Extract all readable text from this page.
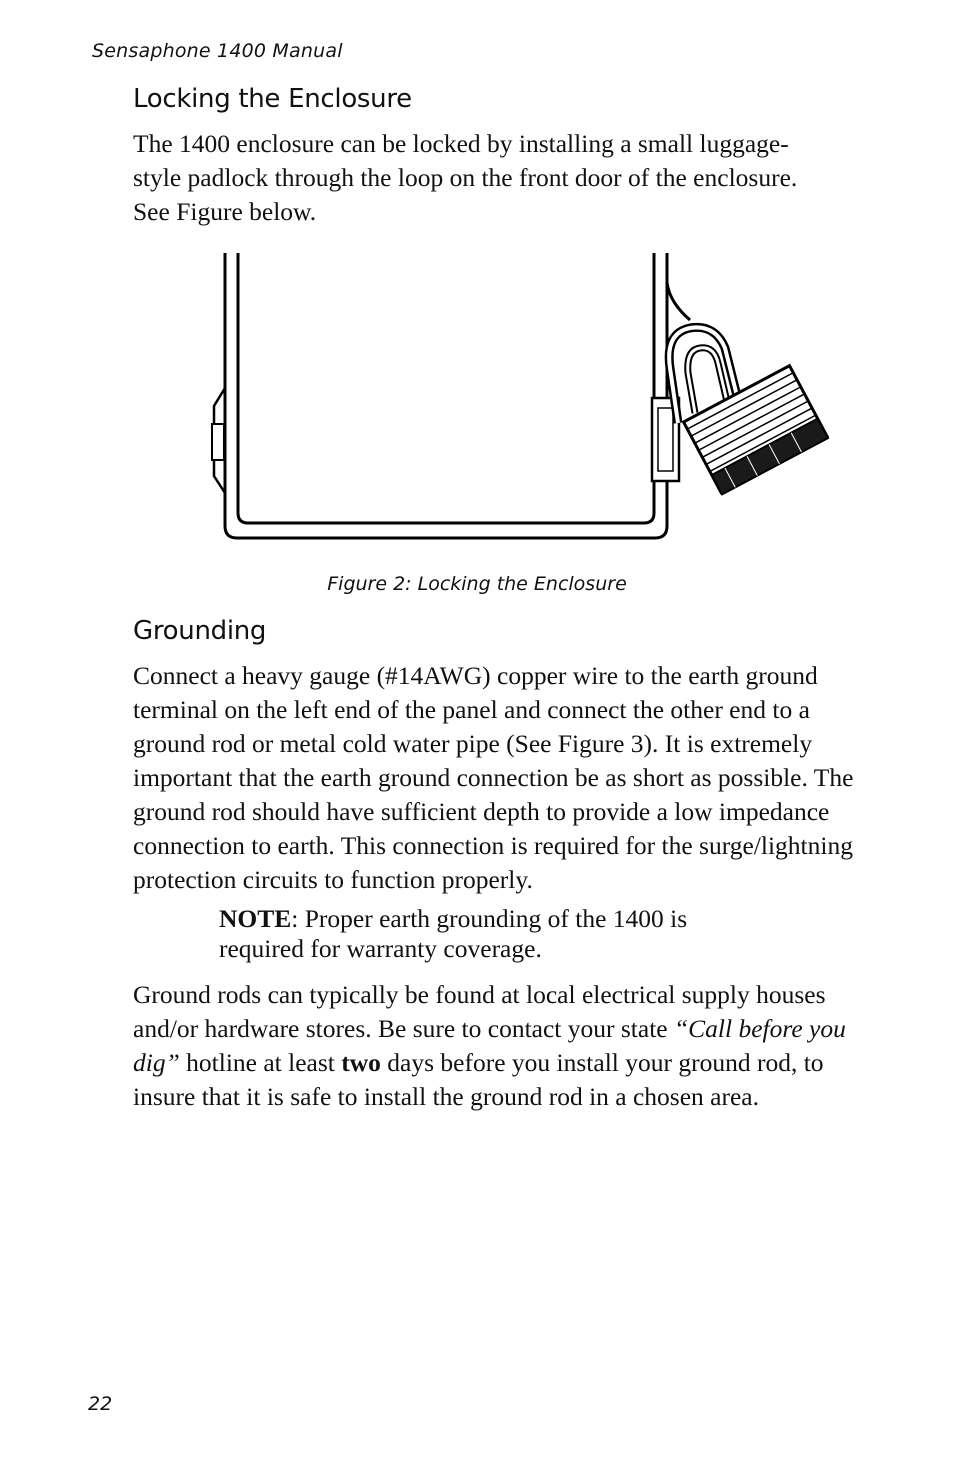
Sensaphone 1400 Manual
Locking the Enclosure

The 1400 enclosure can be locked by installing a small luggage-style padlock through the loop on the front door of the enclosure. See Figure below.

Figure 2: Locking the Enclosure
Grounding

Connect a heavy gauge (#14AWG) copper wire to the earth ground terminal on the left end of the panel and connect the other end to a ground rod or metal cold water pipe (See Figure 3). It is extremely important that the earth ground connection be as short as possible. The ground rod should have sufficient depth to provide a low impedance connection to earth. This connection is required for the surge/lightning protection circuits to function properly.

NOTE: Proper earth grounding of the 1400 is required for warranty coverage.

Ground rods can typically be found at local electrical supply houses and/or hardware stores. Be sure to contact your state “Call before you dig” hotline at least two days before you install your ground rod, to insure that it is safe to install the ground rod in a chosen area.

22
